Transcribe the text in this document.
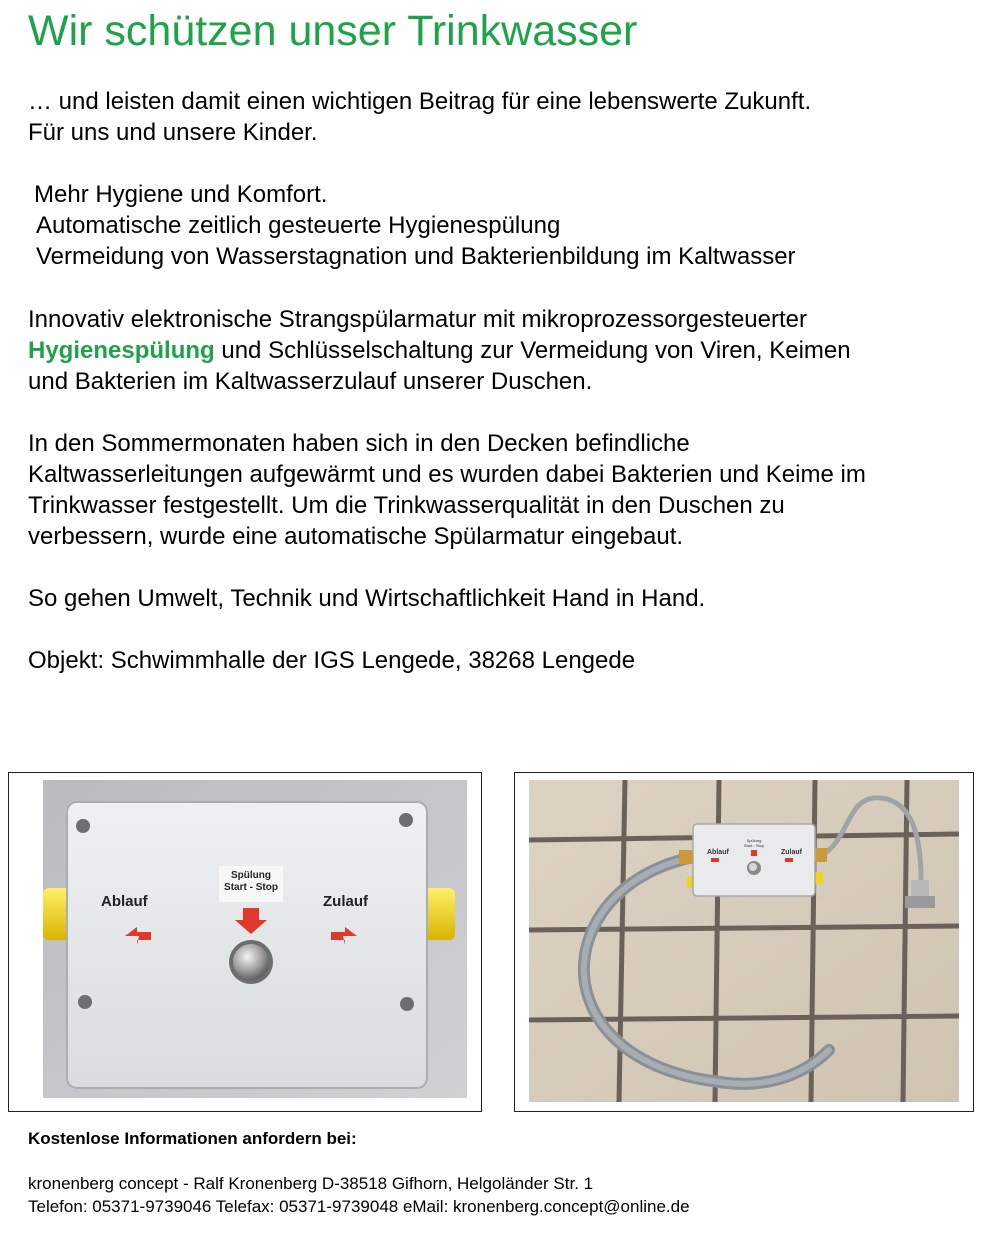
Wir schützen unser Trinkwasser
… und leisten damit einen wichtigen Beitrag für eine lebenswerte Zukunft.
Für uns und unsere Kinder.
Mehr Hygiene und Komfort.
Automatische zeitlich gesteuerte Hygienespülung
Vermeidung von Wasserstagnation und Bakterienbildung im Kaltwasser
Innovativ elektronische Strangspülarmatur mit mikroprozessorgesteuerter
Hygienespülung und Schlüsselschaltung zur Vermeidung von Viren, Keimen
und Bakterien im Kaltwasserzulauf unserer Duschen.
In den Sommermonaten haben sich in den Decken befindliche
Kaltwasserleitungen aufgewärmt und es wurden dabei Bakterien und Keime im
Trinkwasser festgestellt. Um die Trinkwasserqualität in den Duschen zu
verbessern, wurde eine automatische Spülarmatur eingebaut.
So gehen Umwelt, Technik und Wirtschaftlichkeit Hand in Hand.
Objekt: Schwimmhalle der IGS Lengede, 38268 Lengede
Spülung
Start - Stop
Ablauf	Zulauf
Ablauf	Zulauf
Spülung
Start - Stop
Kostenlose Informationen anfordern bei:
kronenberg concept - Ralf Kronenberg D-38518 Gifhorn, Helgoländer Str. 1
Telefon: 05371-9739046 Telefax: 05371-9739048 eMail: kronenberg.concept@online.de
